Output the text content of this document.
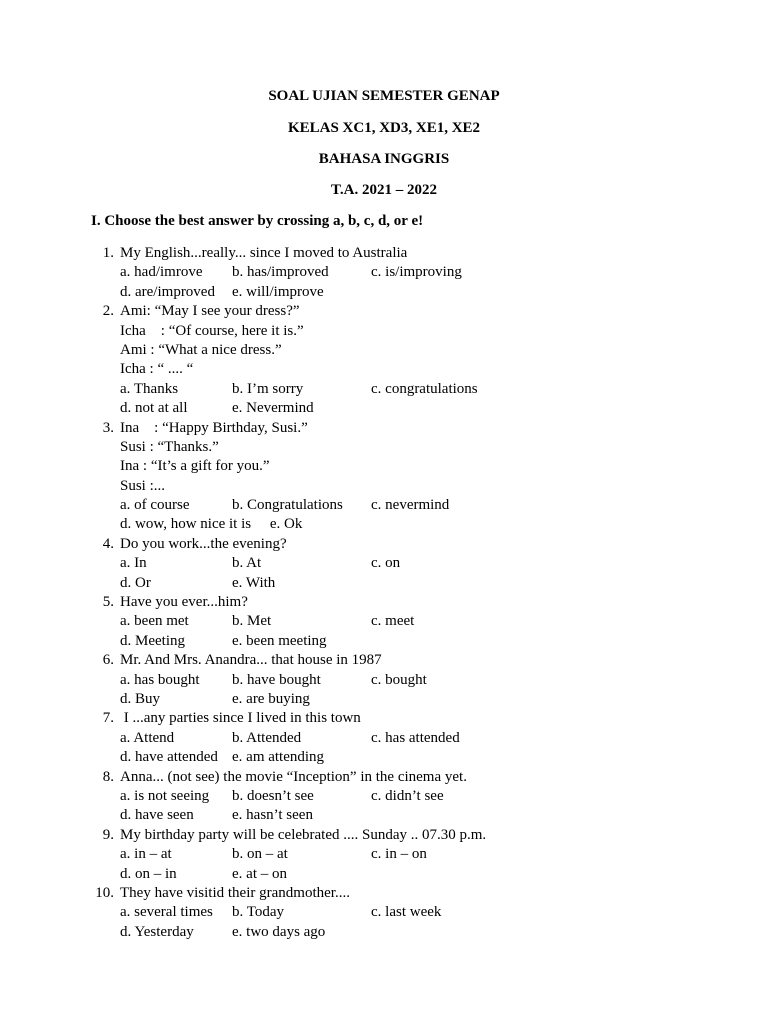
SOAL UJIAN SEMESTER GENAP
KELAS XC1, XD3, XE1, XE2
BAHASA INGGRIS
T.A. 2021 – 2022
I. Choose the best answer by crossing a, b, c, d, or e!
1. My English...really... since I moved to Australia
a. had/imrove b. has/improved	c. is/improving
d. are/improved e. will/improve
2. Ami: “May I see your dress?”
Icha    : “Of course, here it is.”
Ami : “What a nice dress.”
Icha : “ .... “
a. Thanks	b. I’m sorry	c. congratulations
d. not at all	e. Nevermind
3. Ina    : “Happy Birthday, Susi.”
Susi : “Thanks.”
Ina : “It’s a gift for you.”
Susi :...
a. of course	b. Congratulations c. nevermind
d. wow, how nice it is     e. Ok
4. Do you work...the evening?
a. In	b. At	c. on
d. Or	e. With
5. Have you ever...him?
a. been met	b. Met	c. meet
d. Meeting	e. been meeting
6. Mr. And Mrs. Anandra... that house in 1987
a. has bought b. have bought	c. bought
d. Buy	e. are buying
7. I ...any parties since I lived in this town
a. Attend	b. Attended	c. has attended
d. have attended e. am attending
8. Anna... (not see) the movie “Inception” in the cinema yet.
a. is not seeing b. doesn’t see	c. didn’t see
d. have seen	e. hasn’t seen
9. My birthday party will be celebrated .... Sunday .. 07.30 p.m.
a. in – at	b. on – at	c. in – on
d. on – in	e. at – on
10. They have visitid their grandmother....
a. several times b. Today	c. last week
d. Yesterday	e. two days ago
